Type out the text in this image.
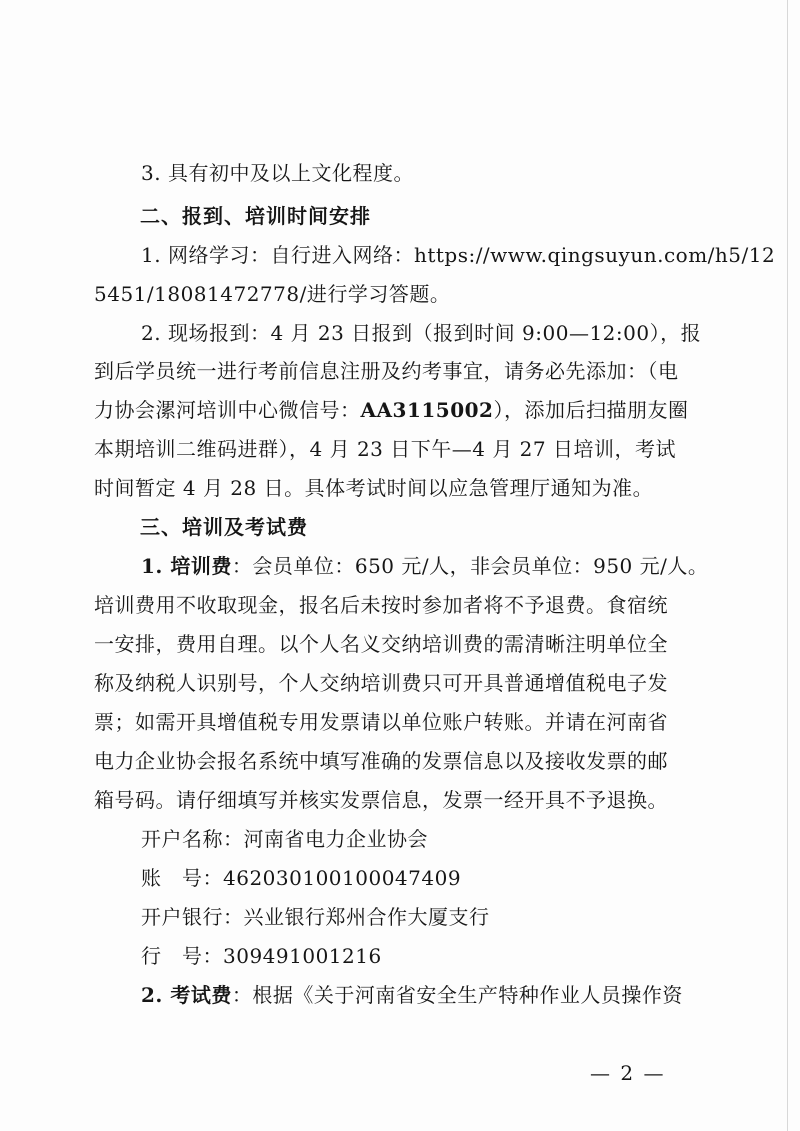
3. 具有初中及以上文化程度。
二、报到、培训时间安排
1. 网络学习：自行进入网络：https://www.qingsuyun.com/h5/12
5451/18081472778/进行学习答题。
2. 现场报到：4 月 23 日报到（报到时间 9:00—12:00），报
到后学员统一进行考前信息注册及约考事宜，请务必先添加：（电
力协会漯河培训中心微信号：AA3115002），添加后扫描朋友圈
本期培训二维码进群），4 月 23 日下午—4 月 27 日培训，考试
时间暂定 4 月 28 日。具体考试时间以应急管理厅通知为准。
三、培训及考试费
1. 培训费：会员单位：650 元/人，非会员单位：950 元/人。
培训费用不收取现金，报名后未按时参加者将不予退费。食宿统
一安排，费用自理。以个人名义交纳培训费的需清晰注明单位全
称及纳税人识别号，个人交纳培训费只可开具普通增值税电子发
票；如需开具增值税专用发票请以单位账户转账。并请在河南省
电力企业协会报名系统中填写准确的发票信息以及接收发票的邮
箱号码。请仔细填写并核实发票信息，发票一经开具不予退换。
开户名称：河南省电力企业协会
账　号：462030100100047409
开户银行：兴业银行郑州合作大厦支行
行　号：309491001216
2. 考试费：根据《关于河南省安全生产特种作业人员操作资
— 2 —
